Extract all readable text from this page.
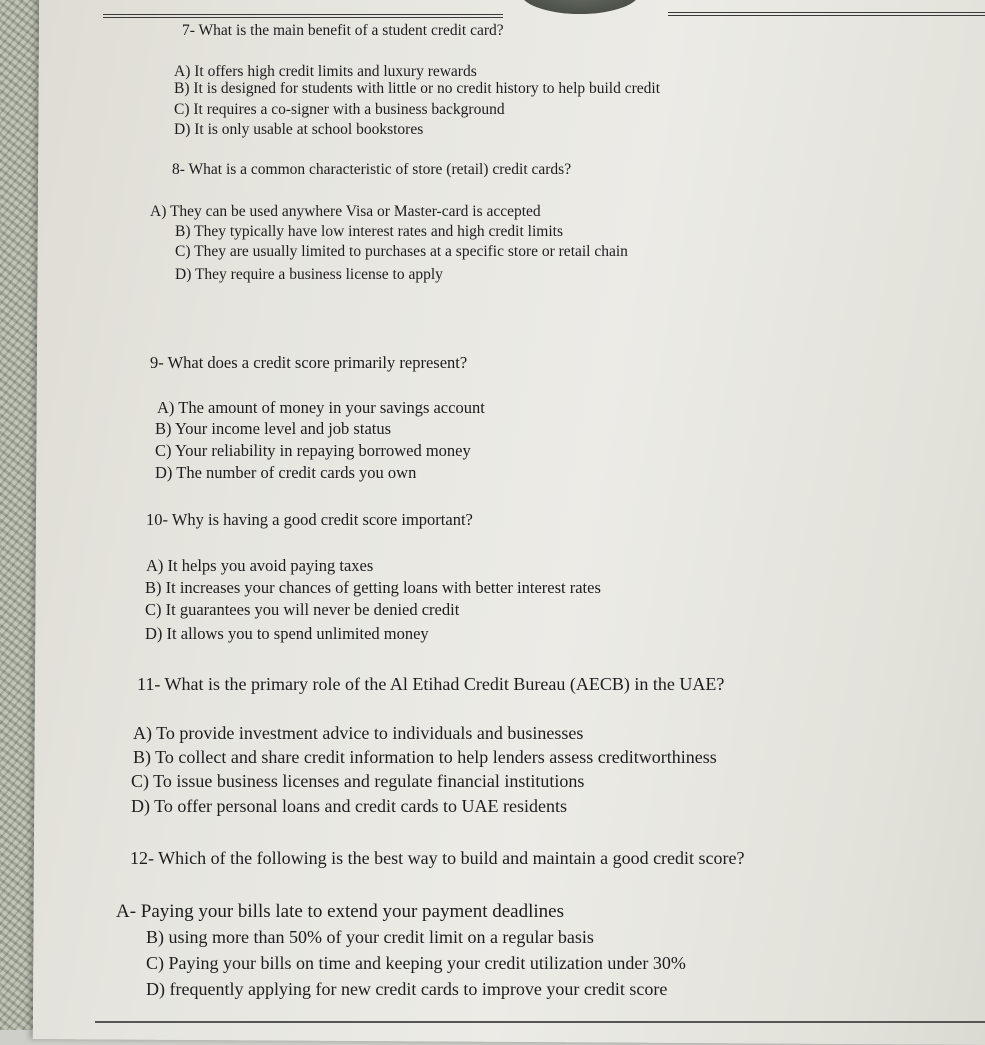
7- What is the main benefit of a student credit card?

A) It offers high credit limits and luxury rewards

B) It is designed for students with little or no credit history to help build credit

C) It requires a co-signer with a business background

D) It is only usable at school bookstores

8- What is a common characteristic of store (retail) credit cards?

A) They can be used anywhere Visa or Master-card is accepted

B) They typically have low interest rates and high credit limits

C) They are usually limited to purchases at a specific store or retail chain

D) They require a business license to apply

9- What does a credit score primarily represent?

A) The amount of money in your savings account

B) Your income level and job status

C) Your reliability in repaying borrowed money

D) The number of credit cards you own

10- Why is having a good credit score important?

A) It helps you avoid paying taxes

B) It increases your chances of getting loans with better interest rates

C) It guarantees you will never be denied credit

D) It allows you to spend unlimited money

11- What is the primary role of the Al Etihad Credit Bureau (AECB) in the UAE?

A) To provide investment advice to individuals and businesses

B) To collect and share credit information to help lenders assess creditworthiness

C) To issue business licenses and regulate financial institutions

D) To offer personal loans and credit cards to UAE residents

12- Which of the following is the best way to build and maintain a good credit score?

A- Paying your bills late to extend your payment deadlines

B) using more than 50% of your credit limit on a regular basis

C) Paying your bills on time and keeping your credit utilization under 30%

D) frequently applying for new credit cards to improve your credit score
